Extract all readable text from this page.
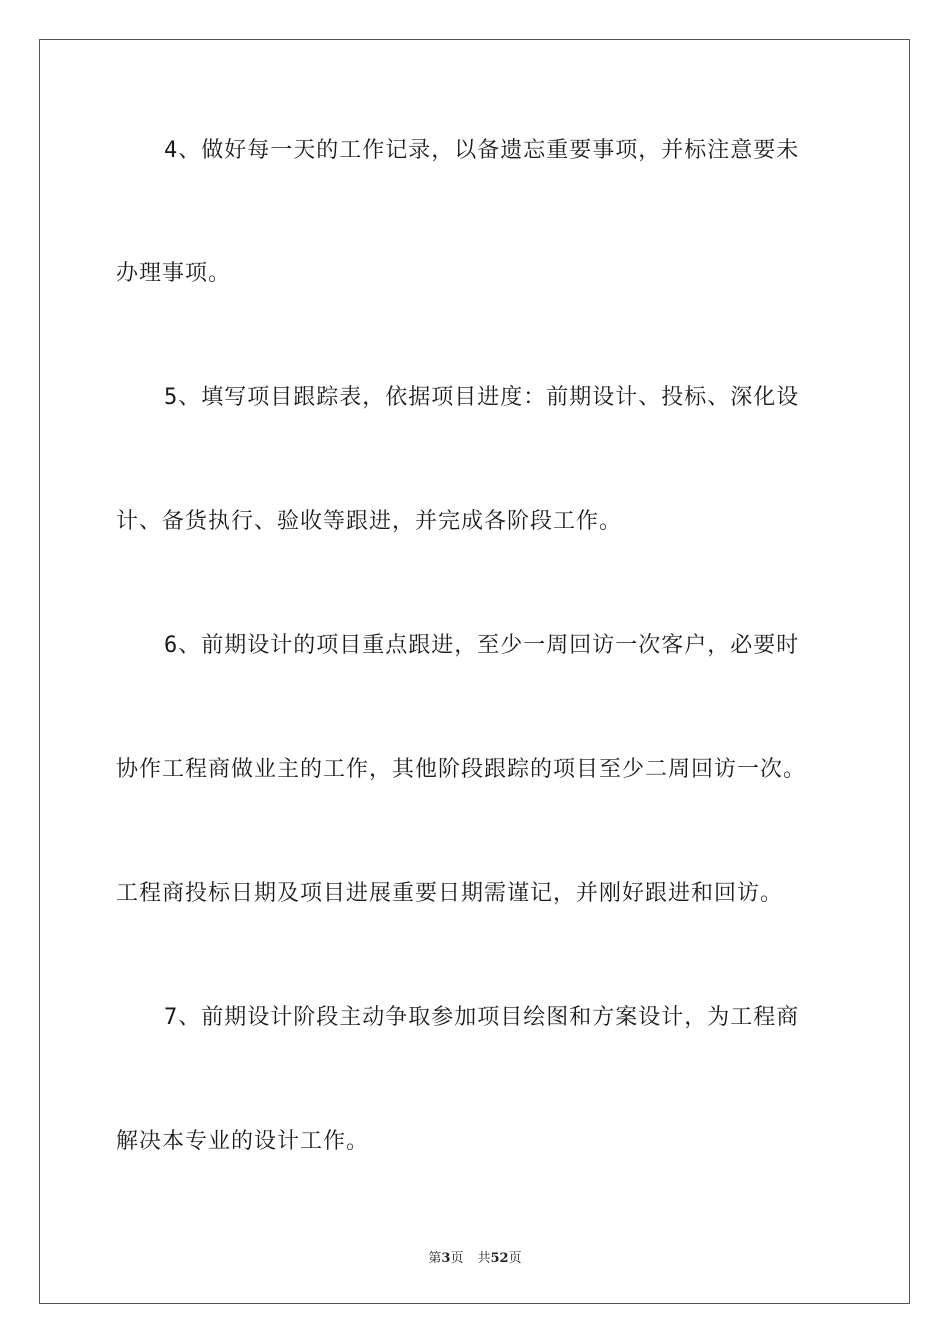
4、做好每一天的工作记录，以备遗忘重要事项，并标注意要未
办理事项。
5、填写项目跟踪表，依据项目进度：前期设计、投标、深化设
计、备货执行、验收等跟进，并完成各阶段工作。
6、前期设计的项目重点跟进，至少一周回访一次客户，必要时
协作工程商做业主的工作，其他阶段跟踪的项目至少二周回访一次。
工程商投标日期及项目进展重要日期需谨记，并刚好跟进和回访。
7、前期设计阶段主动争取参加项目绘图和方案设计，为工程商
解决本专业的设计工作。
第3页 共52页
